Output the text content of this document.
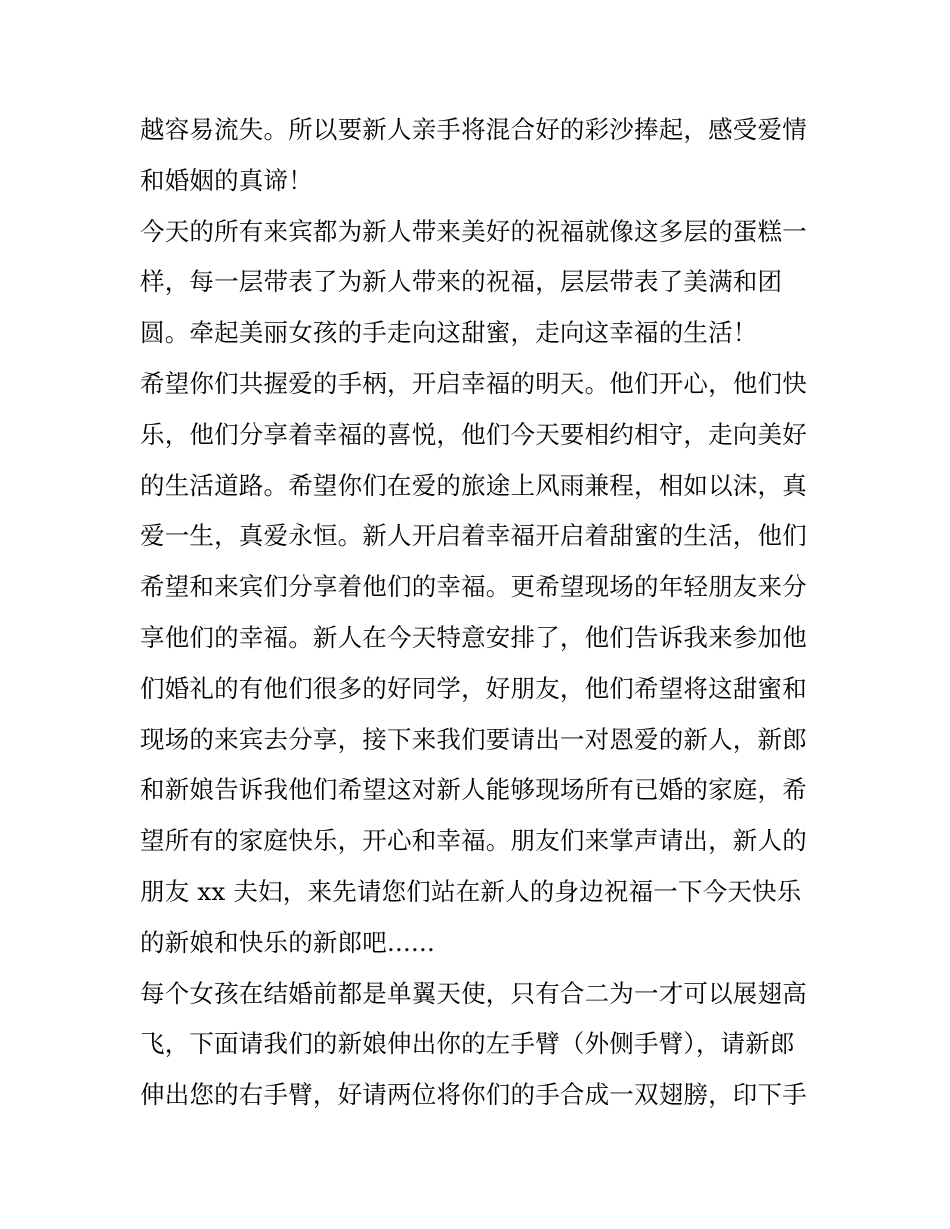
越容易流失。所以要新人亲手将混合好的彩沙捧起，感受爱情
和婚姻的真谛！
今天的所有来宾都为新人带来美好的祝福就像这多层的蛋糕一
样，每一层带表了为新人带来的祝福，层层带表了美满和团
圆。牵起美丽女孩的手走向这甜蜜，走向这幸福的生活！
希望你们共握爱的手柄，开启幸福的明天。他们开心，他们快
乐，他们分享着幸福的喜悦，他们今天要相约相守，走向美好
的生活道路。希望你们在爱的旅途上风雨兼程，相如以沫，真
爱一生，真爱永恒。新人开启着幸福开启着甜蜜的生活，他们
希望和来宾们分享着他们的幸福。更希望现场的年轻朋友来分
享他们的幸福。新人在今天特意安排了，他们告诉我来参加他
们婚礼的有他们很多的好同学，好朋友，他们希望将这甜蜜和
现场的来宾去分享，接下来我们要请出一对恩爱的新人，新郎
和新娘告诉我他们希望这对新人能够现场所有已婚的家庭，希
望所有的家庭快乐，开心和幸福。朋友们来掌声请出，新人的
朋友 xx 夫妇，来先请您们站在新人的身边祝福一下今天快乐
的新娘和快乐的新郎吧......
每个女孩在结婚前都是单翼天使，只有合二为一才可以展翅高
飞，下面请我们的新娘伸出你的左手臂（外侧手臂），请新郎
伸出您的右手臂，好请两位将你们的手合成一双翅膀，印下手
